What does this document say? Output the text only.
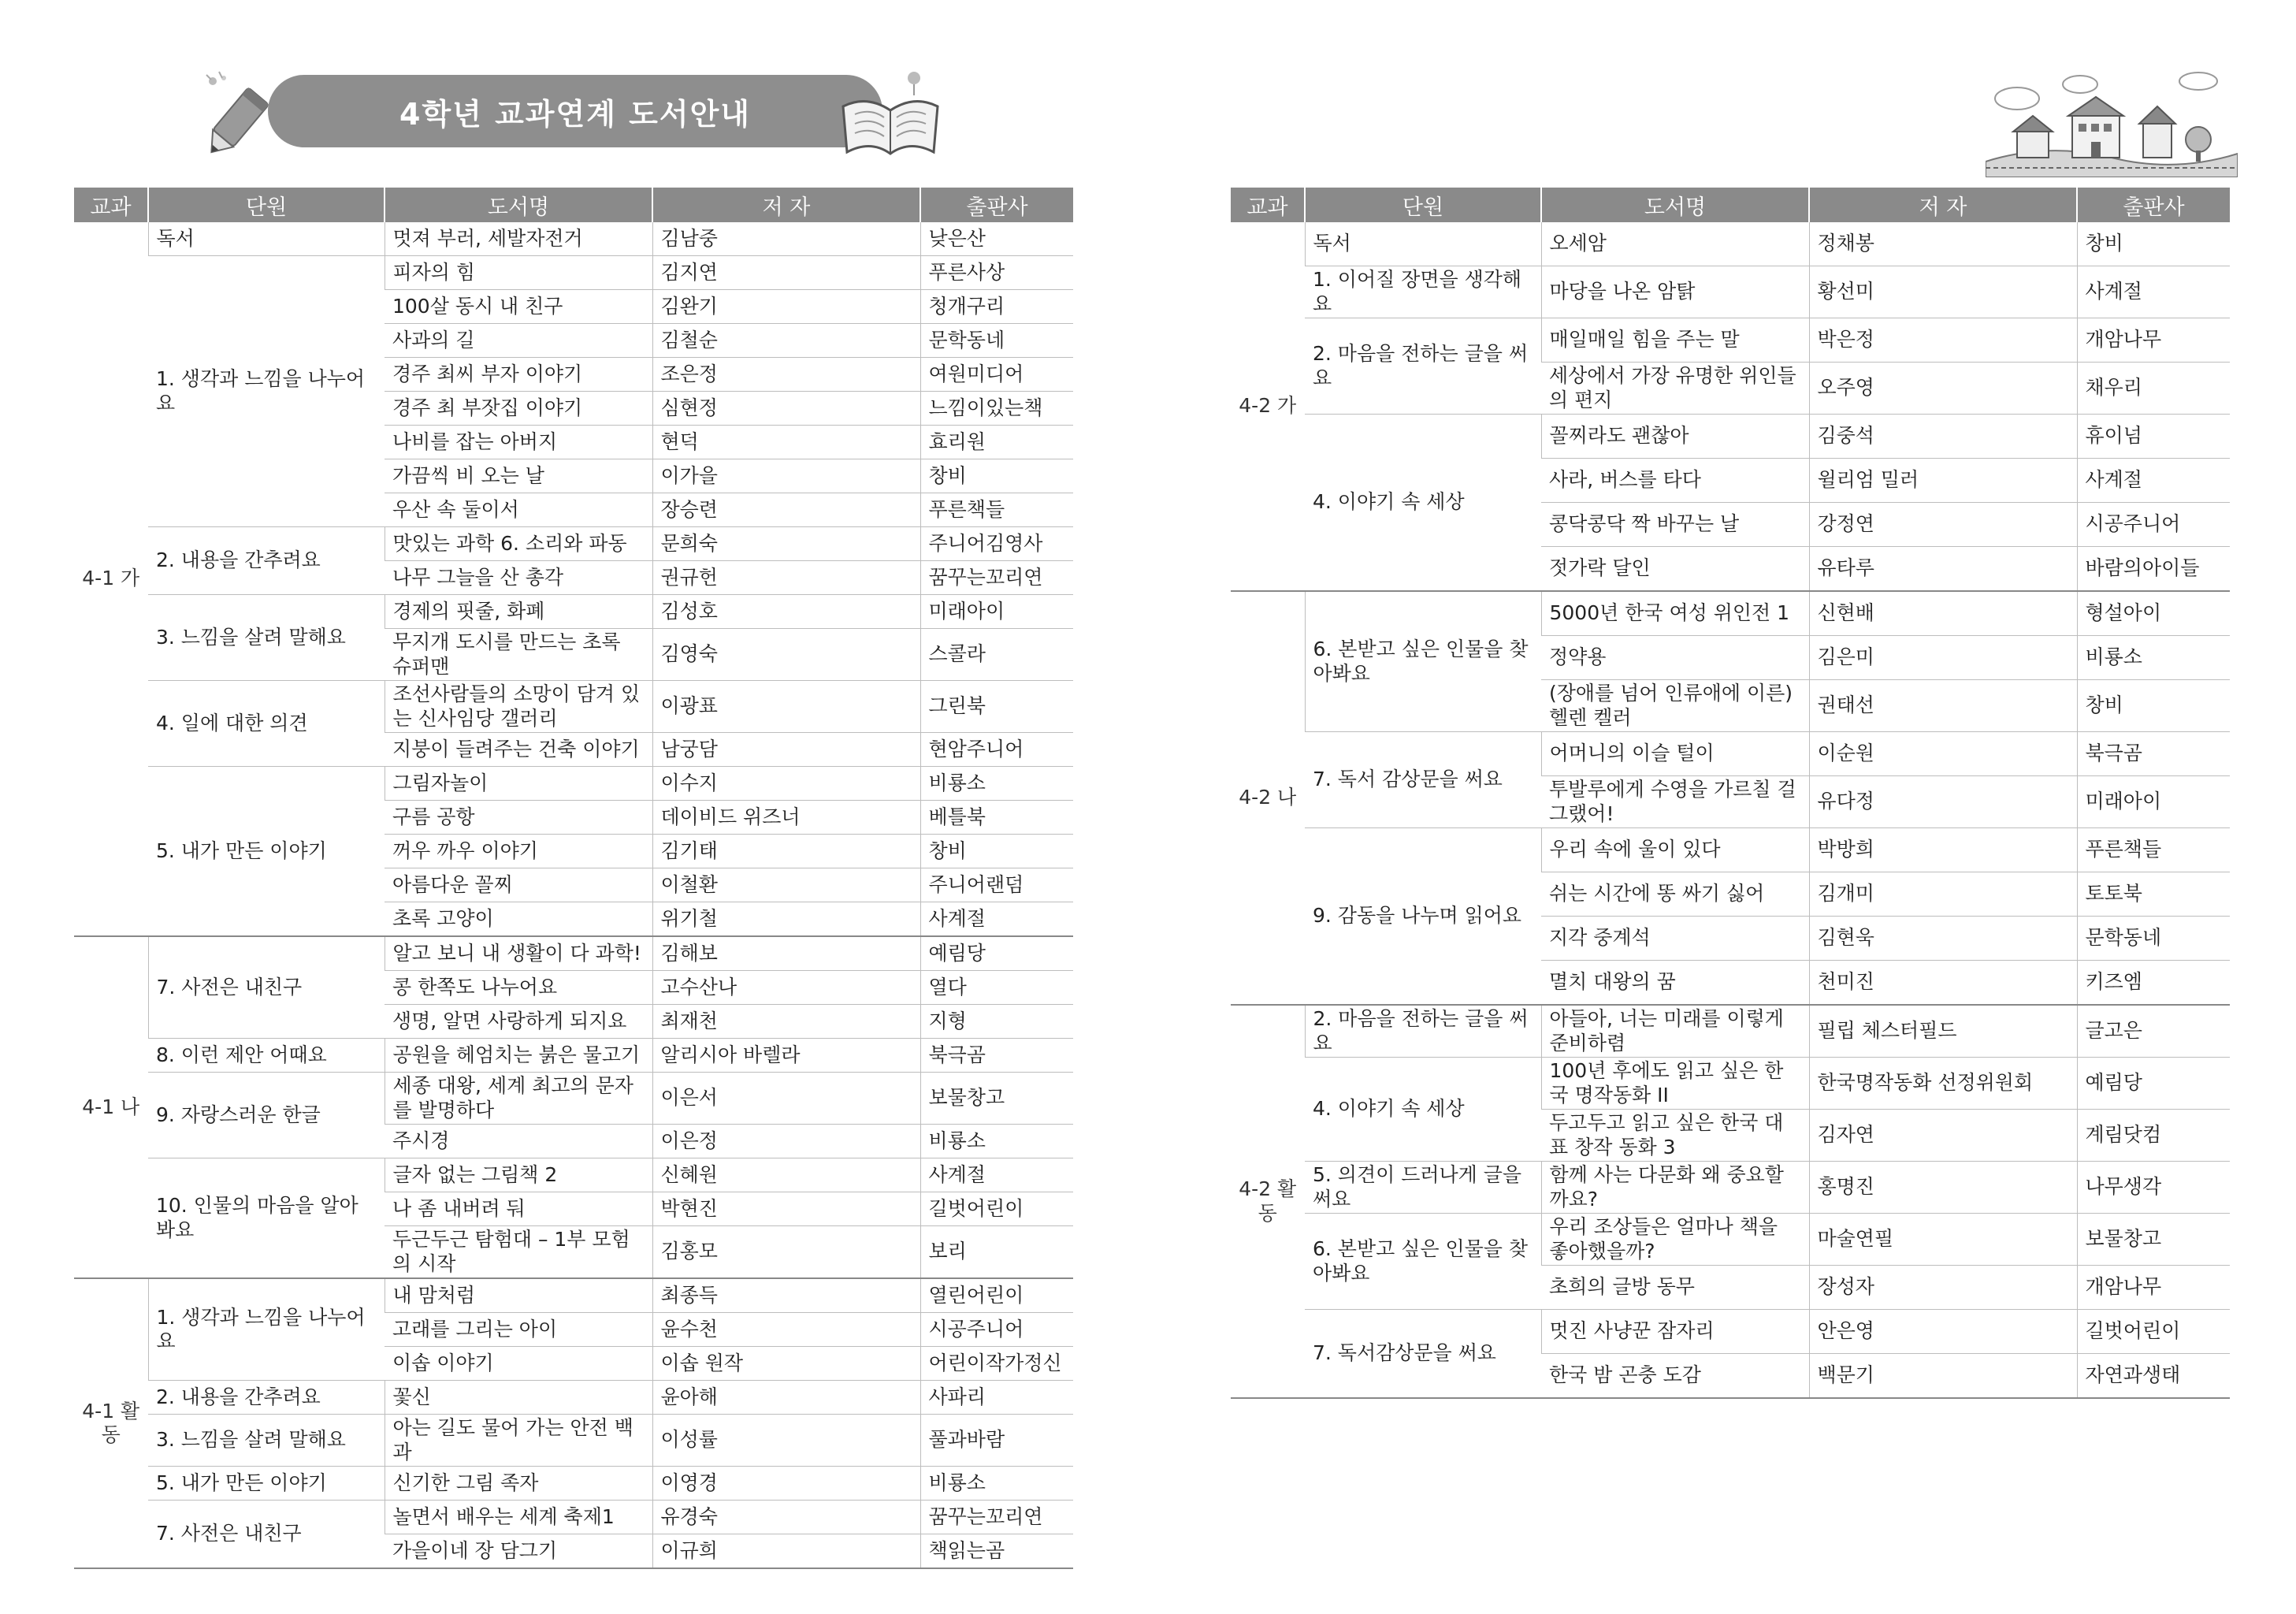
4학년 교과연계 도서안내
교과	단원	도서명	저 자	출판사
4-1 가	독서	멋져 부러, 세발자전거	김남중	낮은산
	1. 생각과 느낌을 나누어요	피자의 힘	김지연	푸른사상
		100살 동시 내 친구	김완기	청개구리
		사과의 길	김철순	문학동네
		경주 최씨 부자 이야기	조은정	여원미디어
		경주 최 부잣집 이야기	심현정	느낌이있는책
		나비를 잡는 아버지	현덕	효리원
		가끔씩 비 오는 날	이가을	창비
		우산 속 둘이서	장승련	푸른책들
	2. 내용을 간추려요	맛있는 과학 6. 소리와 파동	문희숙	주니어김영사
		나무 그늘을 산 총각	권규헌	꿈꾸는꼬리연
	3. 느낌을 살려 말해요	경제의 핏줄, 화폐	김성호	미래아이
		무지개 도시를 만드는 초록 슈퍼맨	김영숙	스콜라
	4. 일에 대한 의견	조선사람들의 소망이 담겨 있는 신사임당 갤러리	이광표	그린북
		지붕이 들려주는 건축 이야기	남궁담	현암주니어
	5. 내가 만든 이야기	그림자놀이	이수지	비룡소
		구름 공항	데이비드 위즈너	베틀북
		꺼우 까우 이야기	김기태	창비
		아름다운 꼴찌	이철환	주니어랜덤
		초록 고양이	위기철	사계절
4-1 나	7. 사전은 내친구	알고 보니 내 생활이 다 과학!	김해보	예림당
		콩 한쪽도 나누어요	고수산나	열다
		생명, 알면 사랑하게 되지요	최재천	지형
	8. 이런 제안 어때요	공원을 헤엄치는 붉은 물고기	알리시아 바렐라	북극곰
	9. 자랑스러운 한글	세종 대왕, 세계 최고의 문자를 발명하다	이은서	보물창고
		주시경	이은정	비룡소
	10. 인물의 마음을 알아봐요	글자 없는 그림책 2	신혜원	사계절
		나 좀 내버려 둬	박현진	길벗어린이
		두근두근 탐험대 – 1부 모험의 시작	김홍모	보리
4-1 활동	1. 생각과 느낌을 나누어요	내 맘처럼	최종득	열린어린이
		고래를 그리는 아이	윤수천	시공주니어
		이솝 이야기	이솝 원작	어린이작가정신
	2. 내용을 간추려요	꽃신	윤아해	사파리
	3. 느낌을 살려 말해요	아는 길도 물어 가는 안전 백과	이성률	풀과바람
	5. 내가 만든 이야기	신기한 그림 족자	이영경	비룡소
	7. 사전은 내친구	놀면서 배우는 세계 축제1	유경숙	꿈꾸는꼬리연
		가을이네 장 담그기	이규희	책읽는곰
교과	단원	도서명	저 자	출판사
4-2 가	독서	오세암	정채봉	창비
	1. 이어질 장면을 생각해요	마당을 나온 암탉	황선미	사계절
	2. 마음을 전하는 글을 써요	매일매일 힘을 주는 말	박은정	개암나무
		세상에서 가장 유명한 위인들의 편지	오주영	채우리
	4. 이야기 속 세상	꼴찌라도 괜찮아	김중석	휴이넘
		사라, 버스를 타다	윌리엄 밀러	사계절
		콩닥콩닥 짝 바꾸는 날	강정연	시공주니어
		젓가락 달인	유타루	바람의아이들
4-2 나	6. 본받고 싶은 인물을 찾아봐요	5000년 한국 여성 위인전 1	신현배	형설아이
		정약용	김은미	비룡소
		(장애를 넘어 인류애에 이른) 헬렌 켈러	권태선	창비
	7. 독서 감상문을 써요	어머니의 이슬 털이	이순원	북극곰
		투발루에게 수영을 가르칠 걸 그랬어!	유다정	미래아이
	9. 감동을 나누며 읽어요	우리 속에 울이 있다	박방희	푸른책들
		쉬는 시간에 똥 싸기 싫어	김개미	토토북
		지각 중계석	김현욱	문학동네
		멸치 대왕의 꿈	천미진	키즈엠
4-2 활동	2. 마음을 전하는 글을 써요	아들아, 너는 미래를 이렇게 준비하렴	필립 체스터필드	글고은
	4. 이야기 속 세상	100년 후에도 읽고 싶은 한국 명작동화 II	한국명작동화 선정위원회	예림당
		두고두고 읽고 싶은 한국 대표 창작 동화 3	김자연	계림닷컴
	5. 의견이 드러나게 글을 써요	함께 사는 다문화 왜 중요할까요?	홍명진	나무생각
	6. 본받고 싶은 인물을 찾아봐요	우리 조상들은 얼마나 책을 좋아했을까?	마술연필	보물창고
		초희의 글방 동무	장성자	개암나무
	7. 독서감상문을 써요	멋진 사냥꾼 잠자리	안은영	길벗어린이
		한국 밤 곤충 도감	백문기	자연과생태
